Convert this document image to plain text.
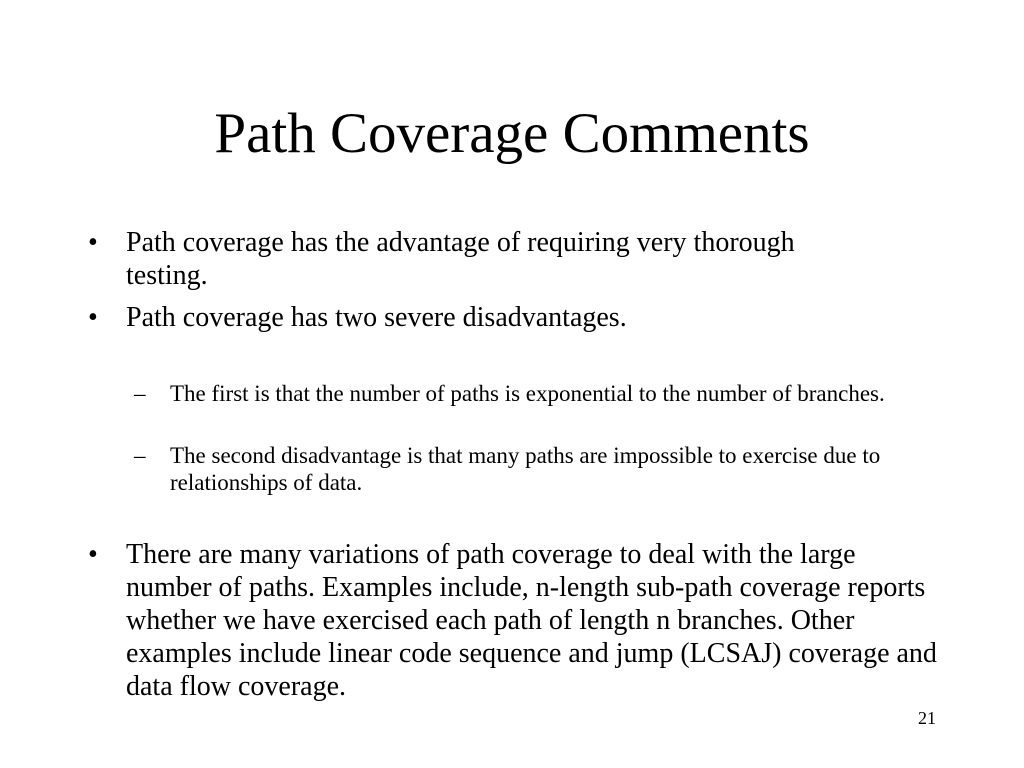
Path Coverage Comments
• Path coverage has the advantage of requiring very thorough testing.
• Path coverage has two severe disadvantages.
– The first is that the number of paths is exponential to the number of branches.
– The second disadvantage is that many paths are impossible to exercise due to relationships of data.
• There are many variations of path coverage to deal with the large number of paths. Examples include, n-length sub-path coverage reports whether we have exercised each path of length n branches. Other examples include linear code sequence and jump (LCSAJ) coverage and data flow coverage.
21
